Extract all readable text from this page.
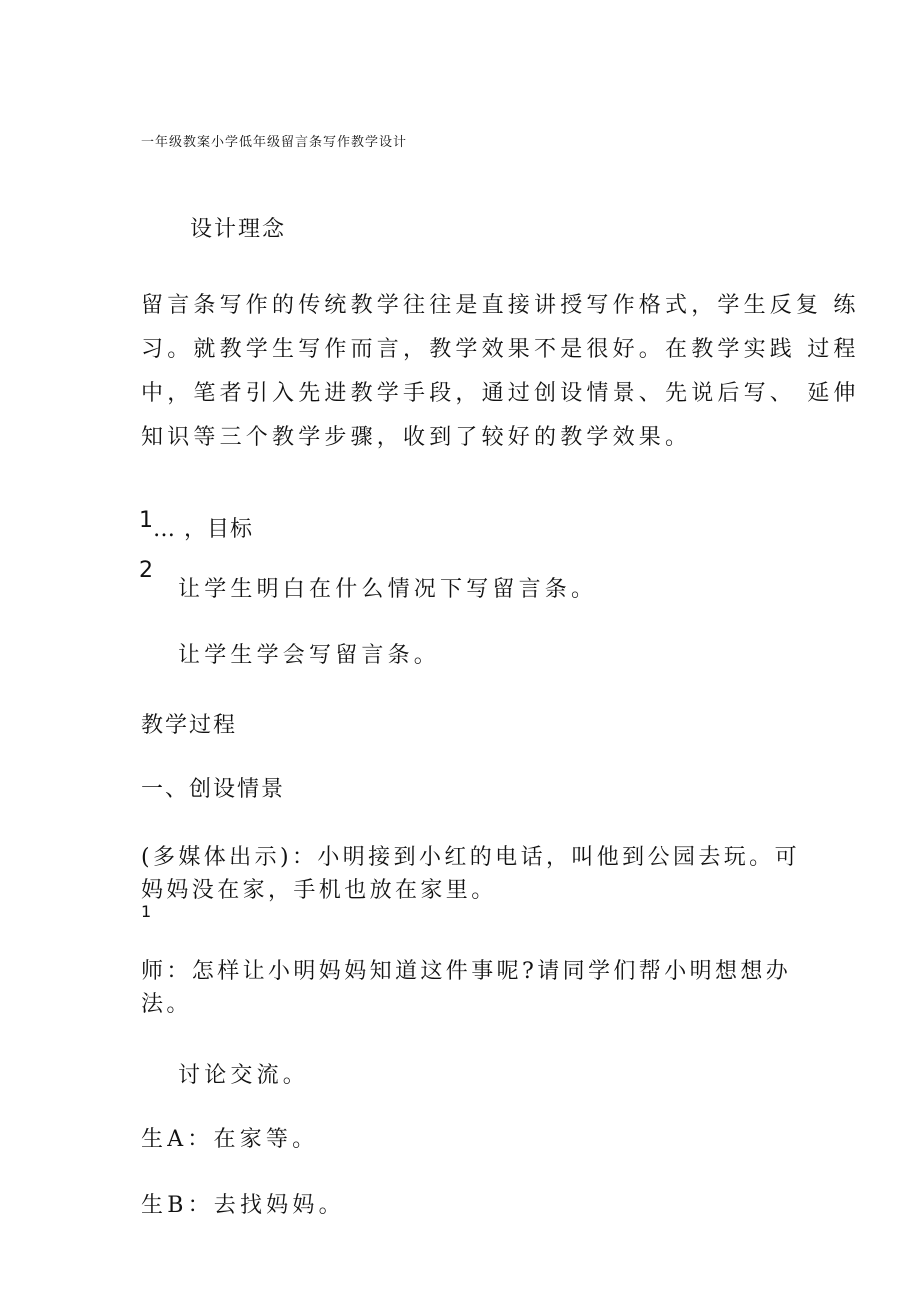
一年级教案小学低年级留言条写作教学设计

设计理念

留言条写作的传统教学往往是直接讲授写作格式，学生反复 练

习。就教学生写作而言，教学效果不是很好。在教学实践 过程

中，笔者引入先进教学手段，通过创设情景、先说后写、 延伸

知识等三个教学步骤，收到了较好的教学效果。

1 … ，目标

2

让学生明白在什么情况下写留言条。

让学生学会写留言条。

教学过程

一、创设情景

(多媒体出示)：小明接到小红的电话，叫他到公园去玩。可

妈妈没在家，手机也放在家里。

1

师：怎样让小明妈妈知道这件事呢?请同学们帮小明想想办

法。

讨论交流。

生A：在家等。

生B：去找妈妈。
